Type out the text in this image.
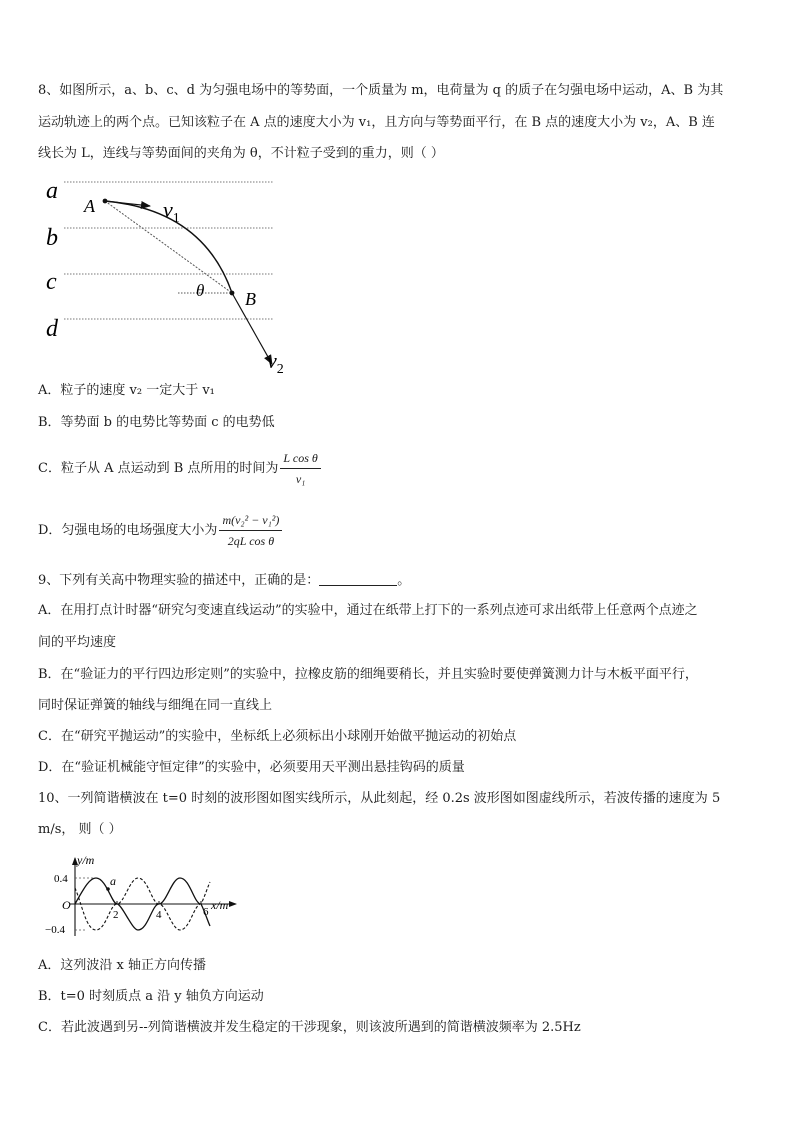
8、如图所示，a、b、c、d 为匀强电场中的等势面，一个质量为 m，电荷量为 q 的质子在匀强电场中运动，A、B 为其
运动轨迹上的两个点。已知该粒子在 A 点的速度大小为 v₁，且方向与等势面平行，在 B 点的速度大小为 v₂，A、B 连
线长为 L，连线与等势面间的夹角为 θ，不计粒子受到的重力，则（ ）
a
b
c
d
A
B
$v_1$
$v_2$
θ
A．粒子的速度 v₂ 一定大于 v₁
B．等势面 b 的电势比等势面 c 的电势低
C．粒子从 A 点运动到 B 点所用的时间为 $\frac{\text{L cos θ}}{\text{v₁}}$
D．匀强电场的电场强度大小为 $\frac{\text{m(v₂² − v₁²)}}{\text{2qL cos θ}}$
9、下列有关高中物理实验的描述中，正确的是：	。
A．在用打点计时器“研究匀变速直线运动”的实验中，通过在纸带上打下的一系列点迹可求出纸带上任意两个点迹之
间的平均速度
B．在“验证力的平行四边形定则”的实验中，拉橡皮筋的细绳要稍长，并且实验时要使弹簧测力计与木板平面平行，
同时保证弹簧的轴线与细绳在同一直线上
C．在“研究平抛运动”的实验中，坐标纸上必须标出小球刚开始做平抛运动的初始点
D．在“验证机械能守恒定律”的实验中，必须要用天平测出悬挂钩码的质量
10、一列简谐横波在 t=0 时刻的波形图如图实线所示，从此刻起，经 0.2s 波形图如图虚线所示，若波传播的速度为 5
m/s， 则（ ）
y/m
x/m
O
0.4
−0.4
2	4	6
a
A．这列波沿 x 轴正方向传播
B．t=0 时刻质点 a 沿 y 轴负方向运动
C．若此波遇到另--列简谐横波并发生稳定的干涉现象，则该波所遇到的简谐横波频率为 2.5Hz
